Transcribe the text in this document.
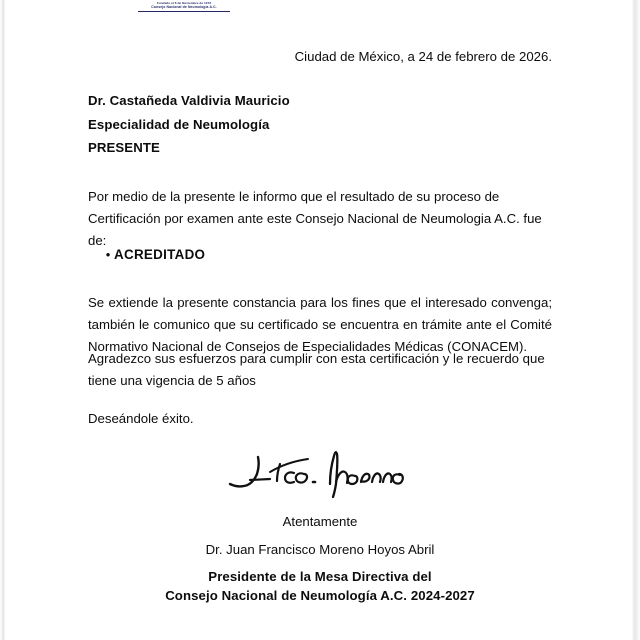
Fundado el 8 de Noviembre de 1972
Consejo Nacional de Neumología A.C.
Ciudad de México, a 24 de febrero de 2026.
Dr. Castañeda Valdivia Mauricio
Especialidad de Neumología
PRESENTE
Por medio de la presente le informo que el resultado de su proceso de Certificación por examen ante este Consejo Nacional de Neumologia A.C. fue de:
• ACREDITADO
Se extiende la presente constancia para los fines que el interesado convenga; también le comunico que su certificado se encuentra en trámite ante el Comité Normativo Nacional de Consejos de Especialidades Médicas (CONACEM).
Agradezco sus esfuerzos para cumplir con esta certificación y le recuerdo que tiene una vigencia de 5 años
Deseándole éxito.
Atentamente
Dr. Juan Francisco Moreno Hoyos Abril
Presidente de la Mesa Directiva del
Consejo Nacional de Neumología A.C. 2024-2027
